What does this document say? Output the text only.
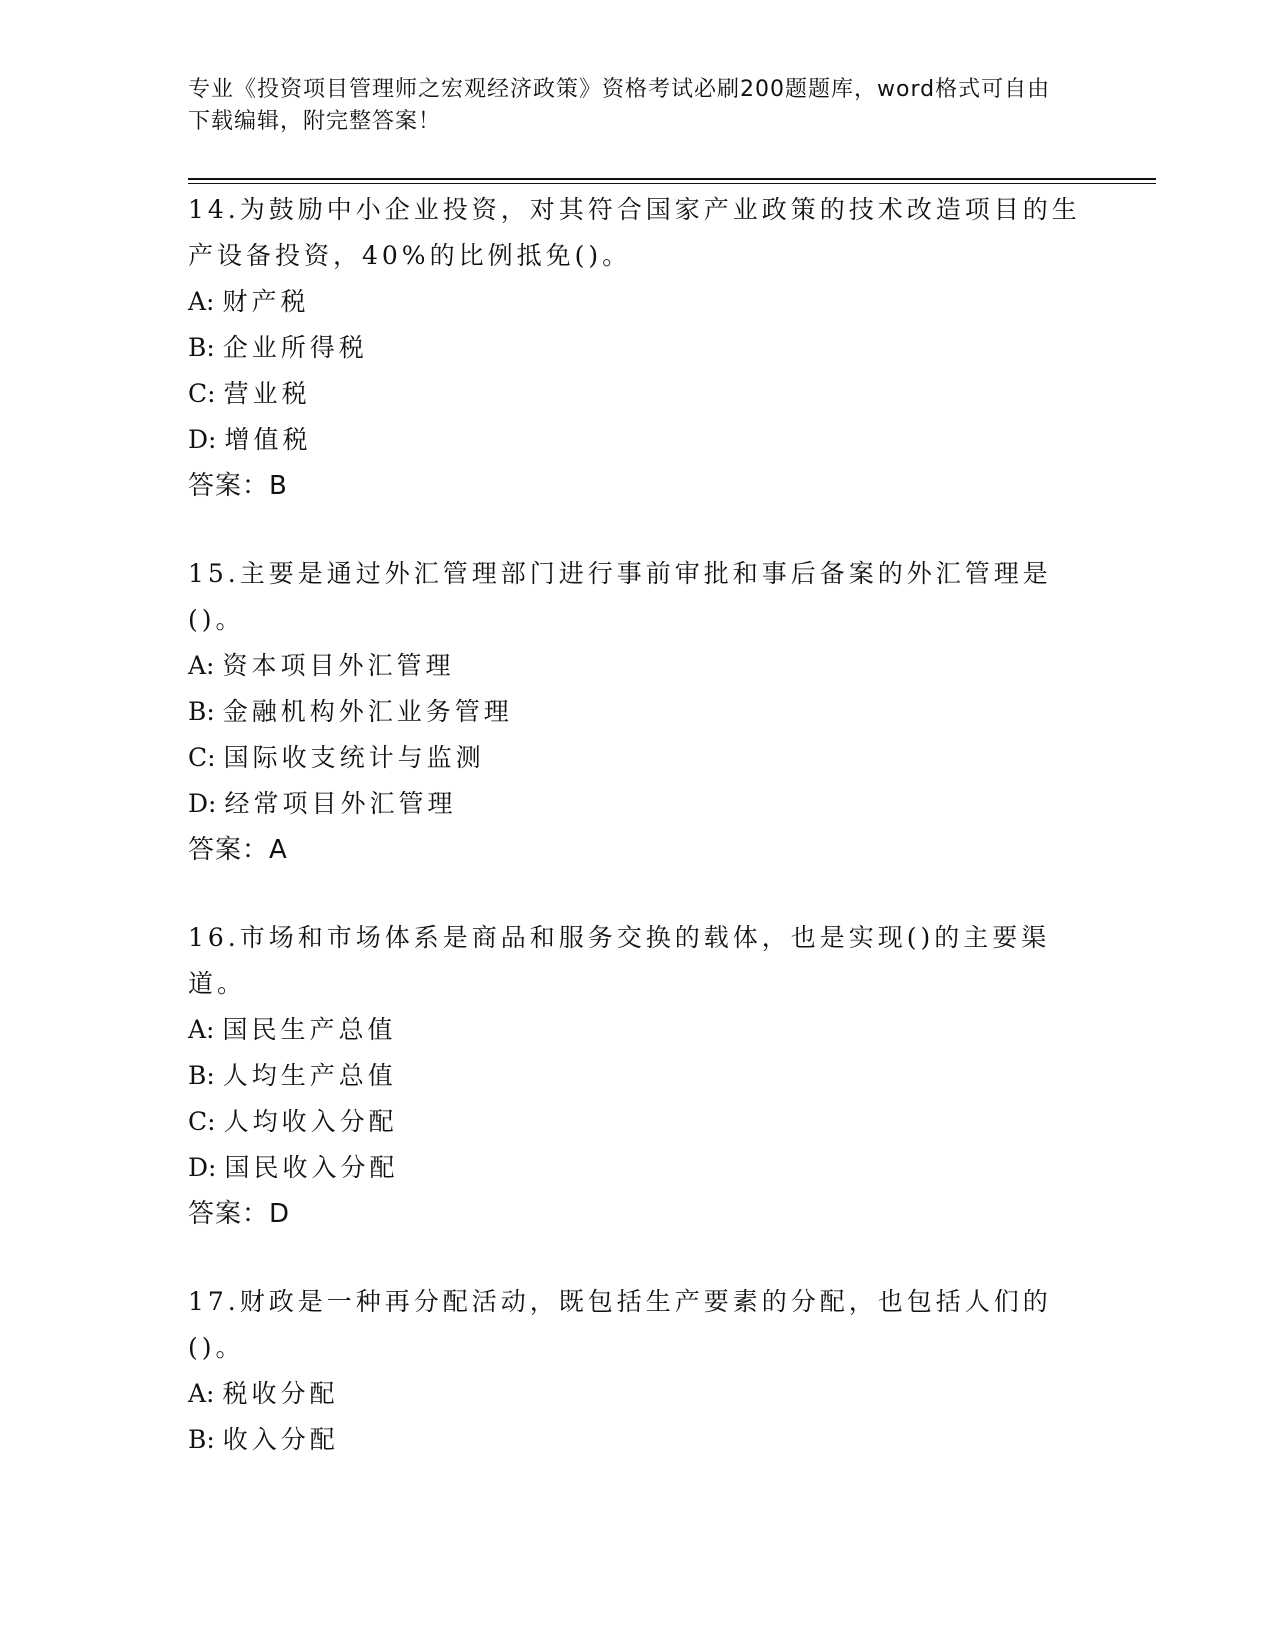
专业《投资项目管理师之宏观经济政策》资格考试必刷200题题库，word格式可自由下载编辑，附完整答案！

14.为鼓励中小企业投资，对其符合国家产业政策的技术改造项目的生产设备投资，40%的比例抵免()。

A: 财产税

B: 企业所得税

C: 营业税

D: 增值税

答案：B

15.主要是通过外汇管理部门进行事前审批和事后备案的外汇管理是()。

A: 资本项目外汇管理

B: 金融机构外汇业务管理

C: 国际收支统计与监测

D: 经常项目外汇管理

答案：A

16.市场和市场体系是商品和服务交换的载体，也是实现()的主要渠道。

A: 国民生产总值

B: 人均生产总值

C: 人均收入分配

D: 国民收入分配

答案：D

17.财政是一种再分配活动，既包括生产要素的分配，也包括人们的()。

A: 税收分配

B: 收入分配
